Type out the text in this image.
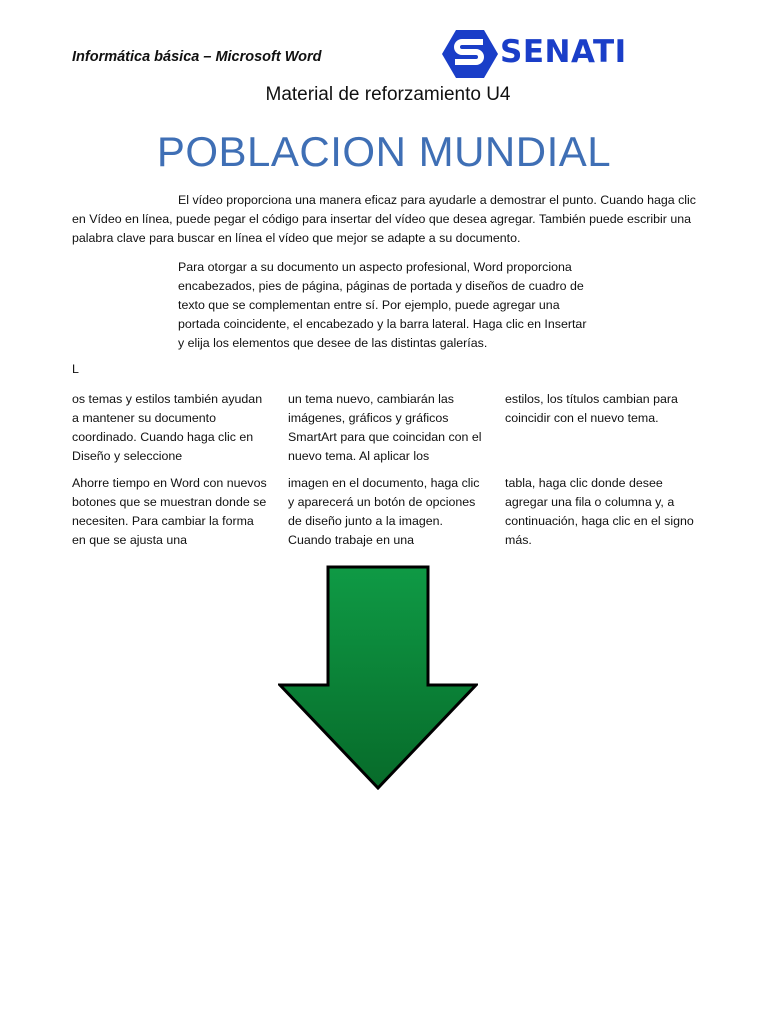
Informática básica – Microsoft Word	SENATI
Material de reforzamiento U4
POBLACION MUNDIAL

El vídeo proporciona una manera eficaz para ayudarle a demostrar el punto. Cuando haga clic en Vídeo en línea, puede pegar el código para insertar del vídeo que desea agregar. También puede escribir una palabra clave para buscar en línea el vídeo que mejor se adapte a su documento.

Para otorgar a su documento un aspecto profesional, Word proporciona encabezados, pies de página, páginas de portada y diseños de cuadro de texto que se complementan entre sí. Por ejemplo, puede agregar una portada coincidente, el encabezado y la barra lateral. Haga clic en Insertar y elija los elementos que desee de las distintas galerías.

L

os temas y estilos también ayudan a mantener su documento coordinado. Cuando haga clic en Diseño y seleccione

un tema nuevo, cambiarán las imágenes, gráficos y gráficos SmartArt para que coincidan con el nuevo tema. Al aplicar los

estilos, los títulos cambian para coincidir con el nuevo tema.

Ahorre tiempo en Word con nuevos botones que se muestran donde se necesiten. Para cambiar la forma en que se ajusta una

imagen en el documento, haga clic y aparecerá un botón de opciones de diseño junto a la imagen. Cuando trabaje en una

tabla, haga clic donde desee agregar una fila o columna y, a continuación, haga clic en el signo más.
